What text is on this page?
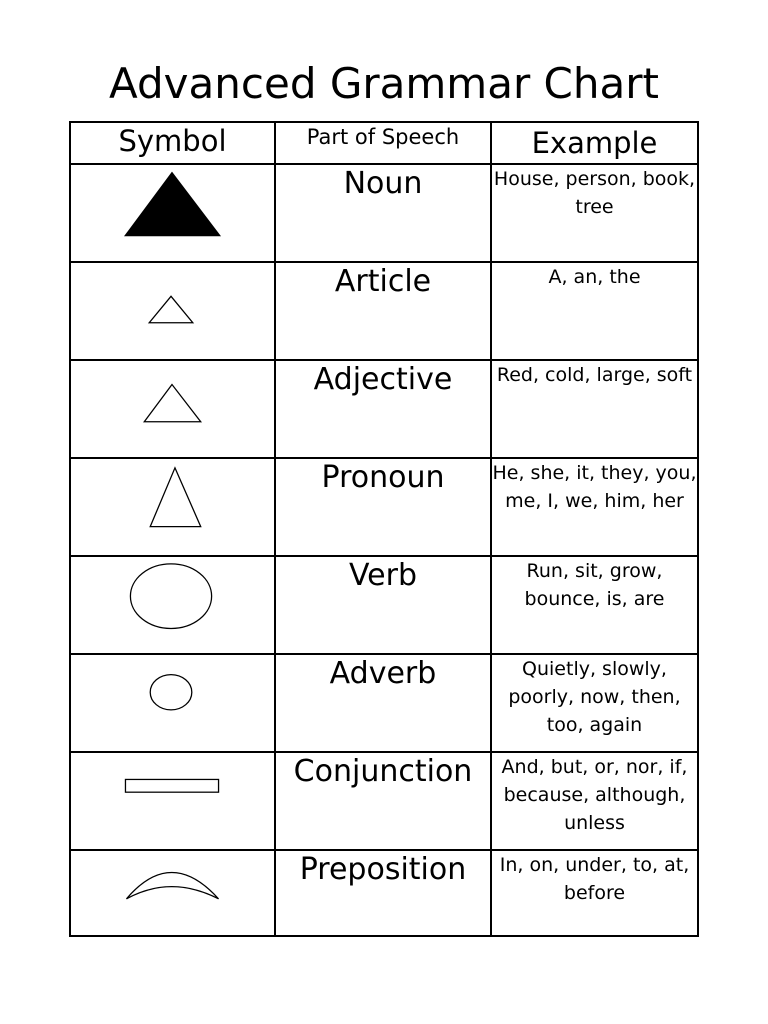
Advanced Grammar Chart
Symbol	Part of Speech	Example

	Noun	House, person, book, tree

	Article	A, an, the

	Adjective	Red, cold, large, soft

	Pronoun	He, she, it, they, you, me, I, we, him, her

	Verb	Run, sit, grow, bounce, is, are

	Adverb	Quietly, slowly, poorly, now, then, too, again

	Conjunction	And, but, or, nor, if, because, although, unless

	Preposition	In, on, under, to, at, before
